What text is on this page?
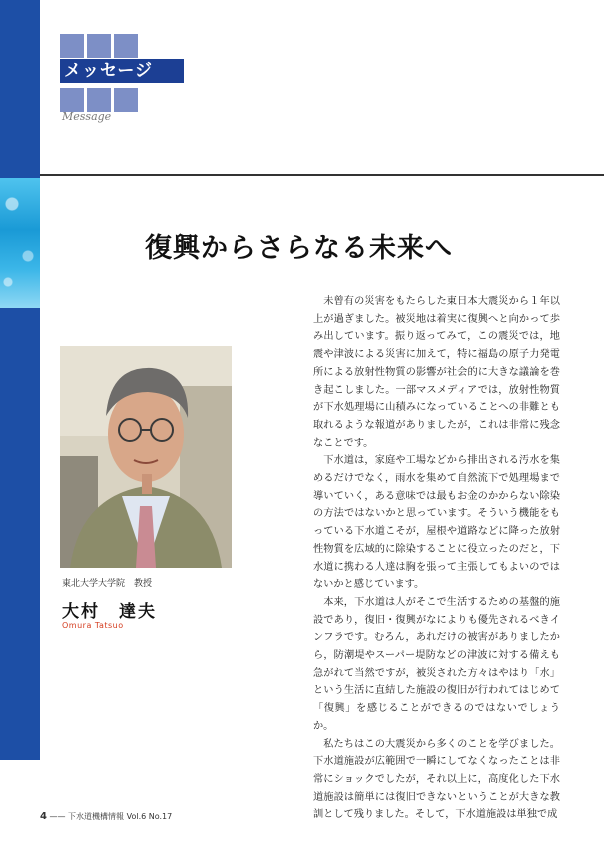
メッセージ
Message
復興からさらなる未来へ
東北大学大学院　教授
大村　達夫
Omura Tatsuo

未曾有の災害をもたらした東日本大震災から１年以上が過ぎました。被災地は着実に復興へと向かって歩み出しています。振り返ってみて，この震災では，地震や津波による災害に加えて，特に福島の原子力発電所による放射性物質の影響が社会的に大きな議論を巻き起こしました。一部マスメディアでは，放射性物質が下水処理場に山積みになっていることへの非難とも取れるような報道がありましたが，これは非常に残念なことです。

下水道は，家庭や工場などから排出される汚水を集めるだけでなく，雨水を集めて自然流下で処理場まで導いていく，ある意味では最もお金のかからない除染の方法ではないかと思っています。そういう機能をもっている下水道こそが，屋根や道路などに降った放射性物質を広域的に除染することに役立ったのだと，下水道に携わる人達は胸を張って主張してもよいのではないかと感じています。

本来，下水道は人がそこで生活するための基盤的施設であり，復旧・復興がなによりも優先されるべきインフラです。むろん，あれだけの被害がありましたから，防潮堤やスーパー堤防などの津波に対する備えも急がれて当然ですが，被災された方々はやはり「水」という生活に直結した施設の復旧が行われてはじめて「復興」を感じることができるのではないでしょうか。

私たちはこの大震災から多くのことを学びました。下水道施設が広範囲で一瞬にしてなくなったことは非常にショックでしたが，それ以上に，高度化した下水道施設は簡単には復旧できないということが大きな教訓として残りました。そして，下水道施設は単独で成

4 —— 下水道機構情報 Vol.6 No.17
